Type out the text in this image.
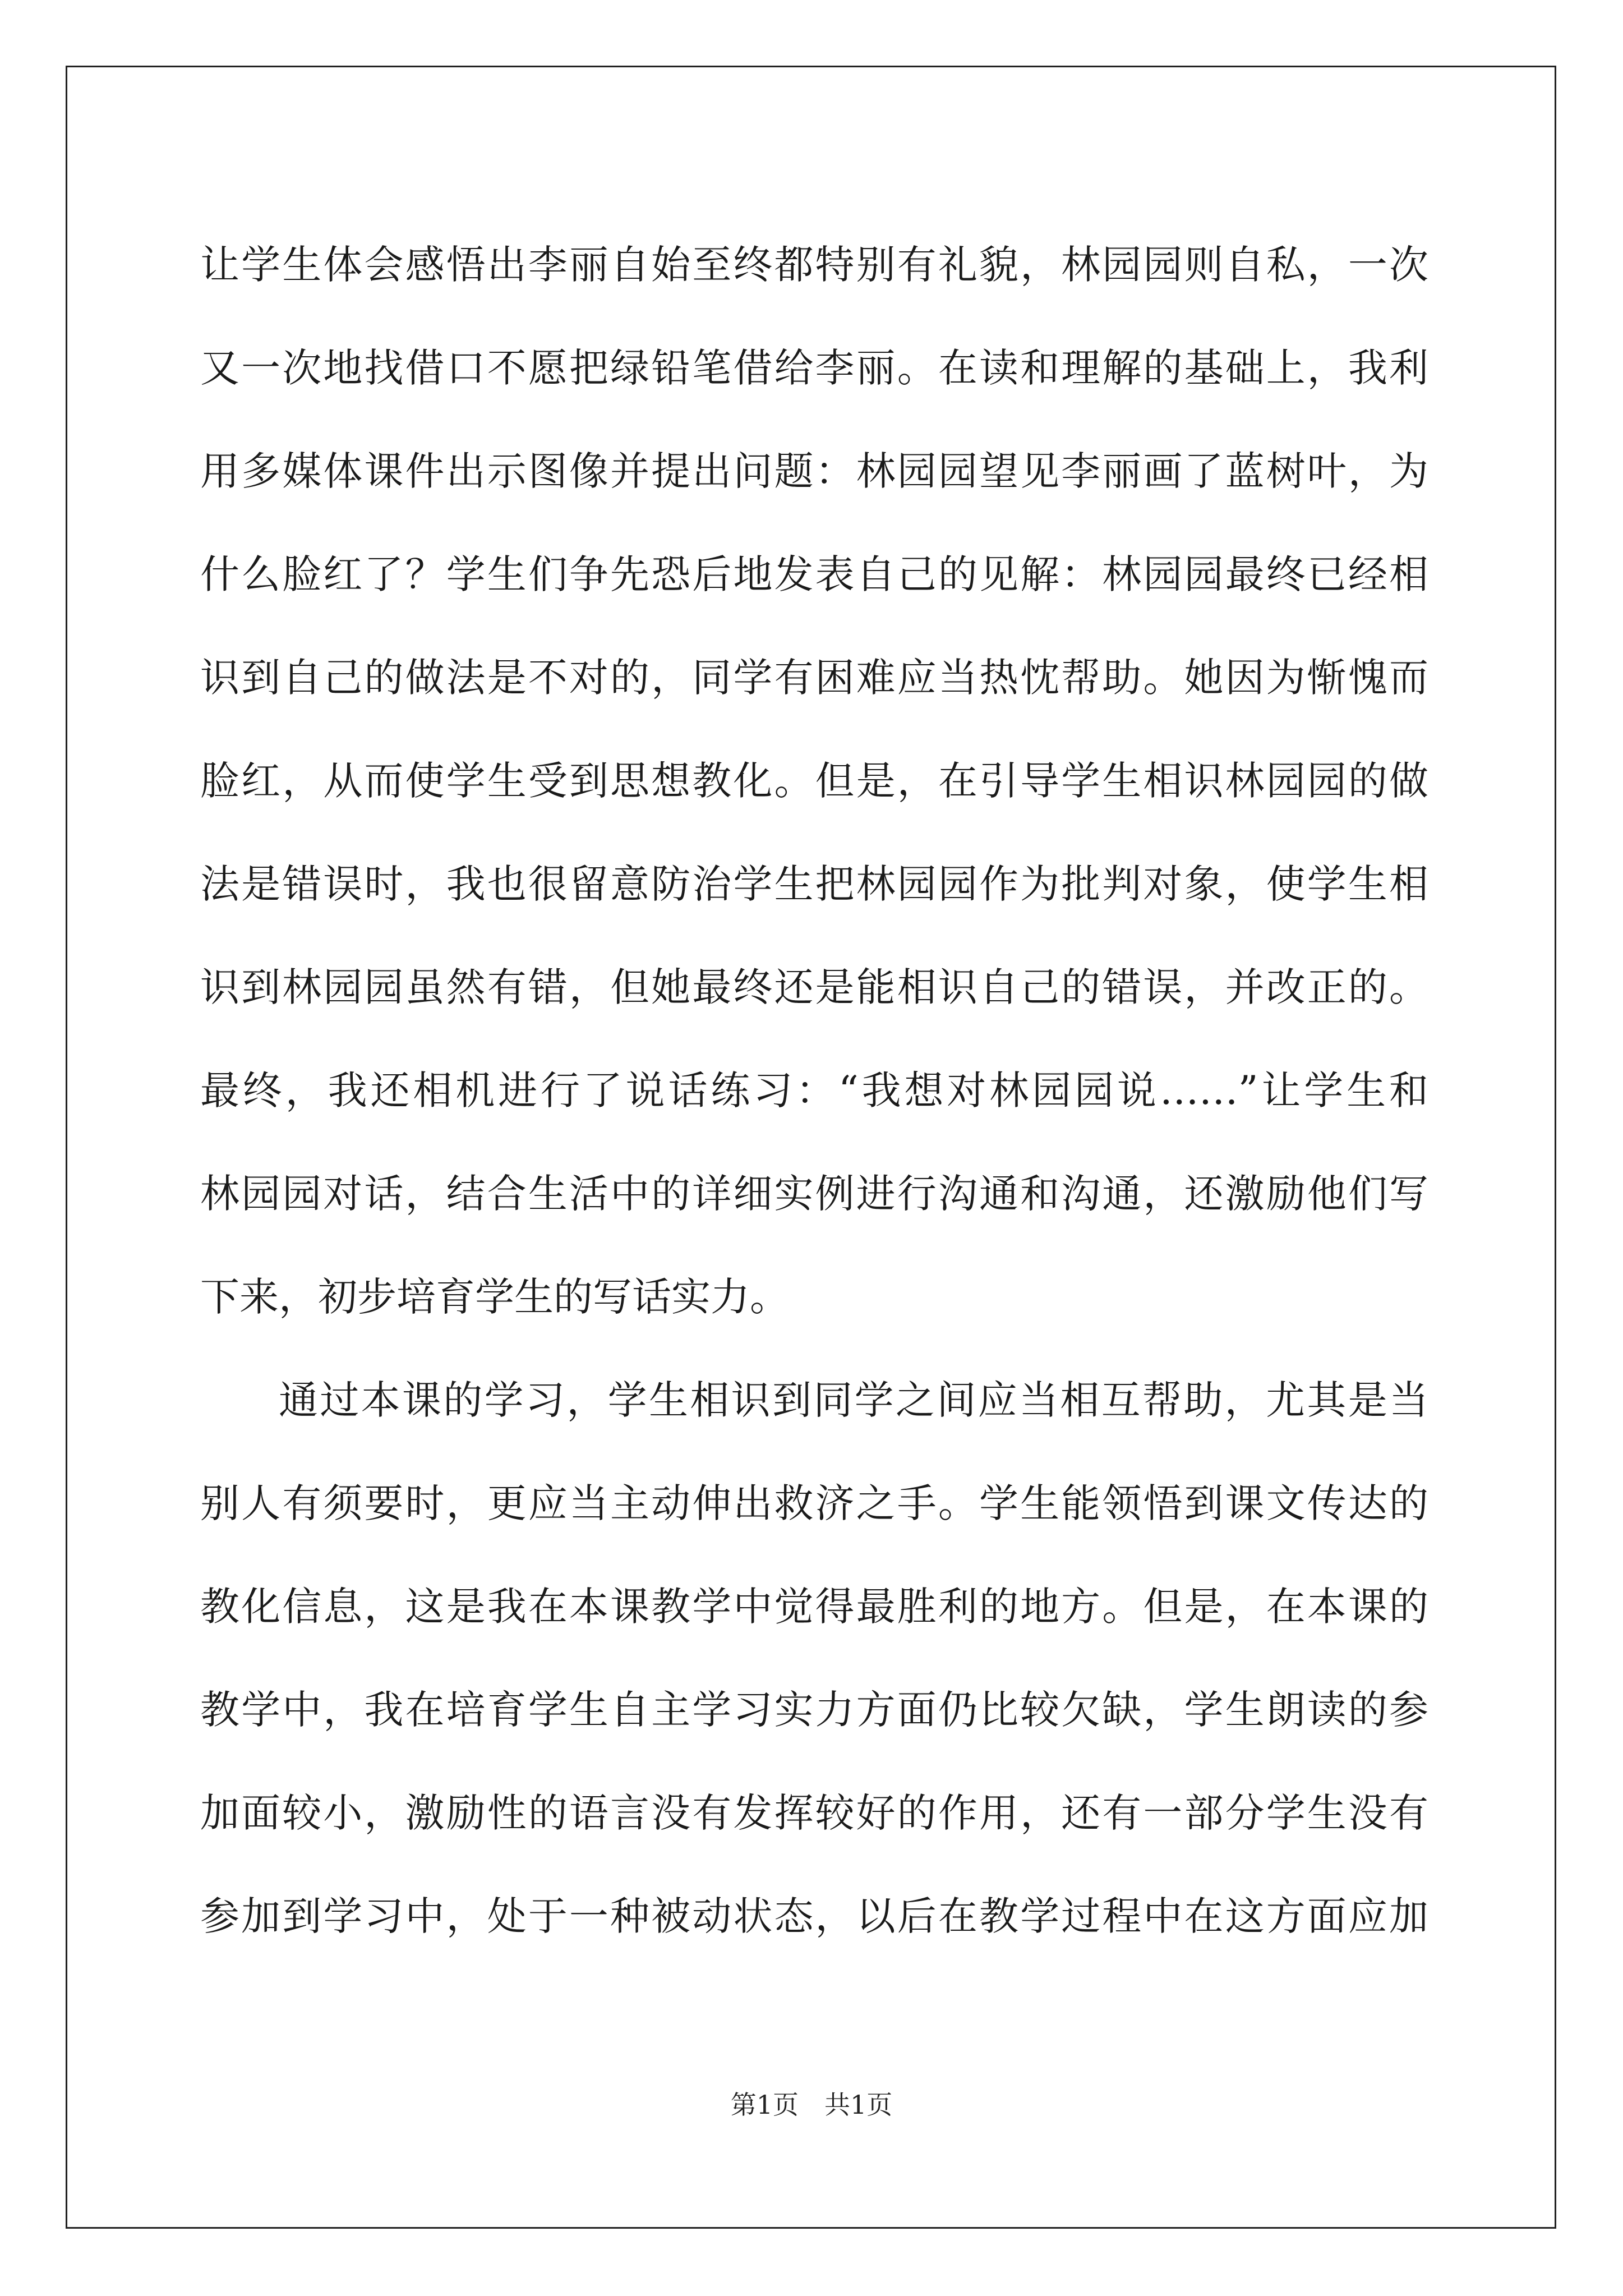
让学生体会感悟出李丽自始至终都特别有礼貌，林园园则自私，一次
又一次地找借口不愿把绿铅笔借给李丽。在读和理解的基础上，我利
用多媒体课件出示图像并提出问题：林园园望见李丽画了蓝树叶，为
什么脸红了？学生们争先恐后地发表自己的见解：林园园最终已经相
识到自己的做法是不对的，同学有困难应当热忱帮助。她因为惭愧而
脸红，从而使学生受到思想教化。但是，在引导学生相识林园园的做
法是错误时，我也很留意防治学生把林园园作为批判对象，使学生相
识到林园园虽然有错，但她最终还是能相识自己的错误，并改正的。
最终，我还相机进行了说话练习：“我想对林园园说……”让学生和
林园园对话，结合生活中的详细实例进行沟通和沟通，还激励他们写
下来，初步培育学生的写话实力。
通过本课的学习，学生相识到同学之间应当相互帮助，尤其是当
别人有须要时，更应当主动伸出救济之手。学生能领悟到课文传达的
教化信息，这是我在本课教学中觉得最胜利的地方。但是，在本课的
教学中，我在培育学生自主学习实力方面仍比较欠缺，学生朗读的参
加面较小，激励性的语言没有发挥较好的作用，还有一部分学生没有
参加到学习中，处于一种被动状态，以后在教学过程中在这方面应加
第1页　共1页
